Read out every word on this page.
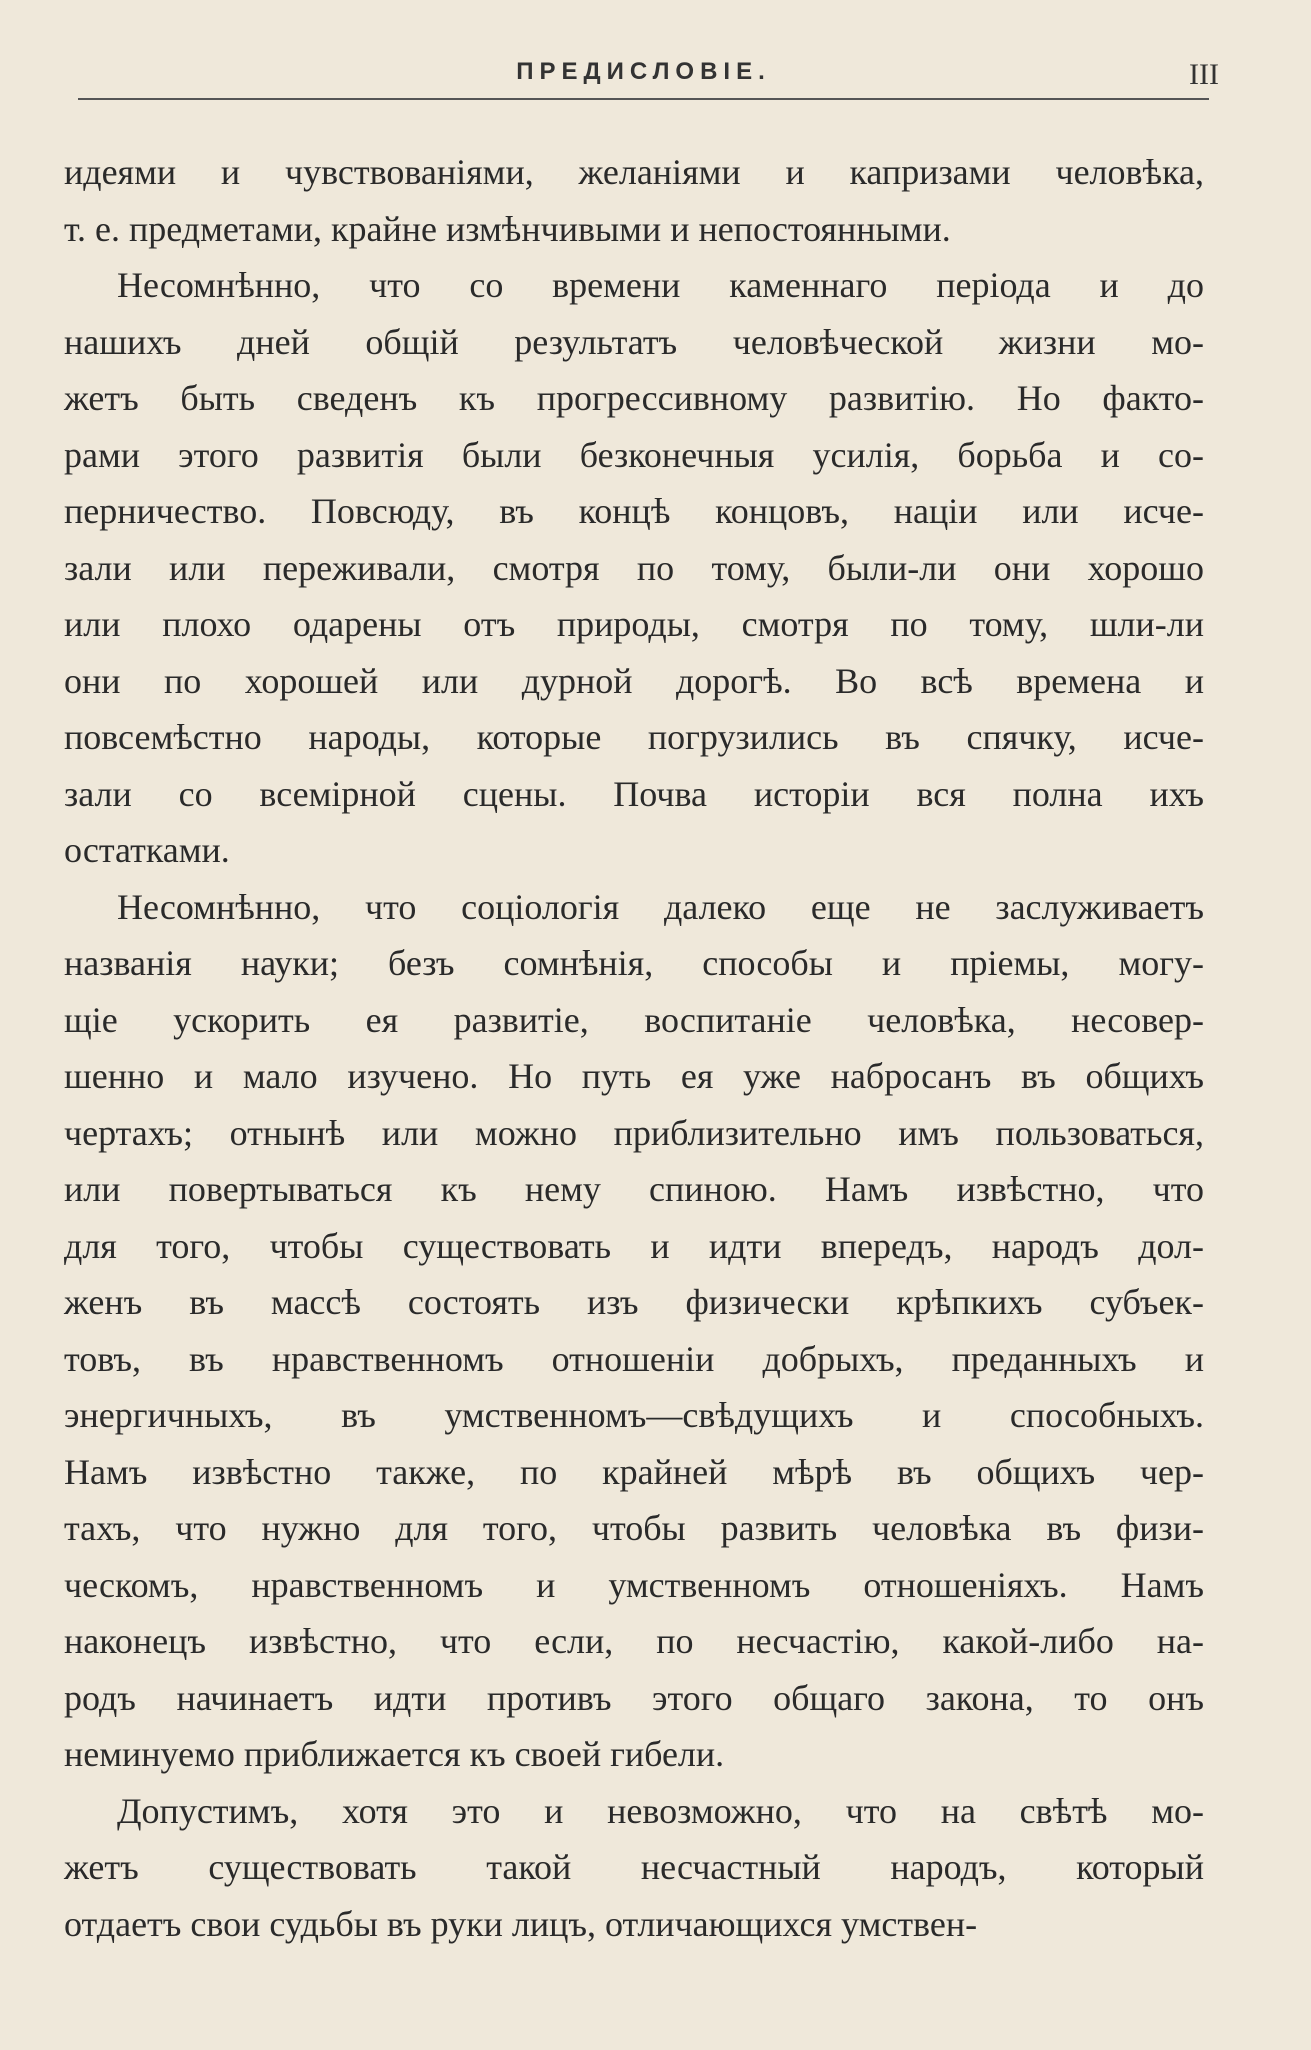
ПРЕДИСЛОВІЕ.	III
идеями и чувствованіями, желаніями и капризами человѣка,
т. е. предметами, крайне измѣнчивыми и непостоянными.
Несомнѣнно, что со времени каменнаго періода и до
нашихъ дней общій результатъ человѣческой жизни мо-
жетъ быть сведенъ къ прогрессивному развитію. Но факто-
рами этого развитія были безконечныя усилія, борьба и со-
перничество. Повсюду, въ концѣ концовъ, націи или исче-
зали или переживали, смотря по тому, были-ли они хорошо
или плохо одарены отъ природы, смотря по тому, шли-ли
они по хорошей или дурной дорогѣ. Во всѣ времена и
повсемѣстно народы, которые погрузились въ спячку, исче-
зали со всемірной сцены. Почва исторіи вся полна ихъ
остатками.
Несомнѣнно, что соціологія далеко еще не заслуживаетъ
названія науки; безъ сомнѣнія, способы и пріемы, могу-
щіе ускорить ея развитіе, воспитаніе человѣка, несовер-
шенно и мало изучено. Но путь ея уже набросанъ въ общихъ
чертахъ; отнынѣ или можно приблизительно имъ пользоваться,
или повертываться къ нему спиною. Намъ извѣстно, что
для того, чтобы существовать и идти впередъ, народъ дол-
женъ въ массѣ состоять изъ физически крѣпкихъ субъек-
товъ, въ нравственномъ отношеніи добрыхъ, преданныхъ и
энергичныхъ, въ умственномъ—свѣдущихъ и способныхъ.
Намъ извѣстно также, по крайней мѣрѣ въ общихъ чер-
тахъ, что нужно для того, чтобы развить человѣка въ физи-
ческомъ, нравственномъ и умственномъ отношеніяхъ. Намъ
наконецъ извѣстно, что если, по несчастію, какой-либо на-
родъ начинаетъ идти противъ этого общаго закона, то онъ
неминуемо приближается къ своей гибели.
Допустимъ, хотя это и невозможно, что на свѣтѣ мо-
жетъ существовать такой несчастный народъ, который
отдаетъ свои судьбы въ руки лицъ, отличающихся умствен-
